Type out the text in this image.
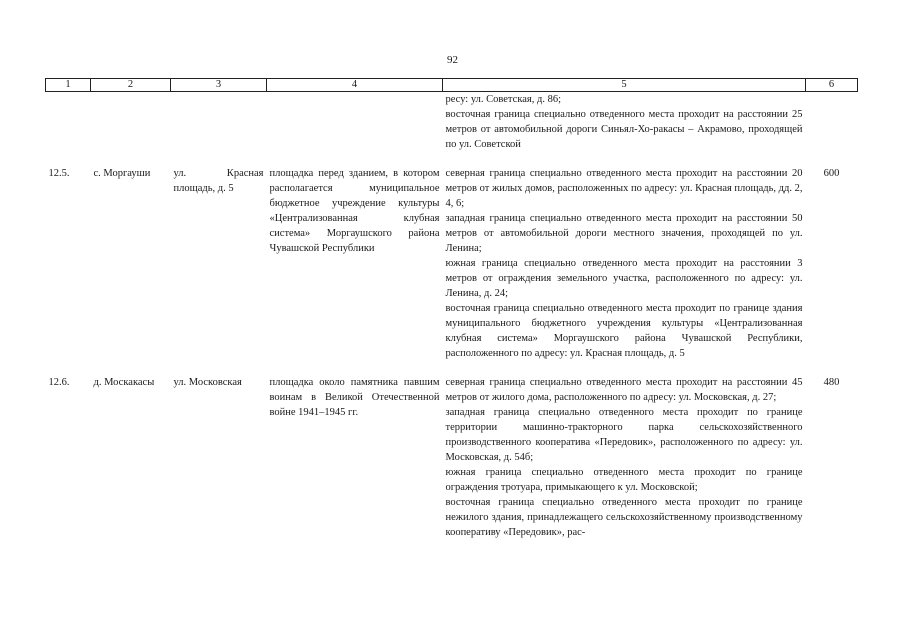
92
1	2	3	4	5	6

				ресу: ул. Советская, д. 86;
восточная граница специально отведенного места проходит на расстоянии 25 метров от автомобильной дороги Синьял-Хо-ракасы – Акрамово, проходящей по ул. Советской	

12.5.	с. Моргауши	ул. Красная площадь, д. 5	площадка перед зданием, в котором располагается муниципальное бюджетное учреждение культуры «Централизованная клубная система» Моргаушского района Чувашской Республики	северная граница специально отведенного места проходит на расстоянии 20 метров от жилых домов, расположенных по адресу: ул. Красная площадь, дд. 2, 4, 6;
западная граница специально отведенного места проходит на расстоянии 50 метров от автомобильной дороги местного значения, проходящей по ул. Ленина;
южная граница специально отведенного места проходит на расстоянии 3 метров от ограждения земельного участка, расположенного по адресу: ул. Ленина, д. 24;
восточная граница специально отведенного места проходит по границе здания муниципального бюджетного учреждения культуры «Централизованная клубная система» Моргаушского района Чувашской Республики, расположенного по адресу: ул. Красная площадь, д. 5	600

12.6.	д. Москакасы	ул. Московская	площадка около памятника павшим воинам в Великой Отечественной войне 1941–1945 гг.	северная граница специально отведенного места проходит на расстоянии 45 метров от жилого дома, расположенного по адресу: ул. Московская, д. 27;
западная граница специально отведенного места проходит по границе территории машинно-тракторного парка сельскохозяйственного производственного кооператива «Передовик», расположенного по адресу: ул. Московская, д. 54б;
южная граница специально отведенного места проходит по границе ограждения тротуара, примыкающего к ул. Московской;
восточная граница специально отведенного места проходит по границе нежилого здания, принадлежащего сельскохозяйственному производственному кооперативу «Передовик», рас-	480
